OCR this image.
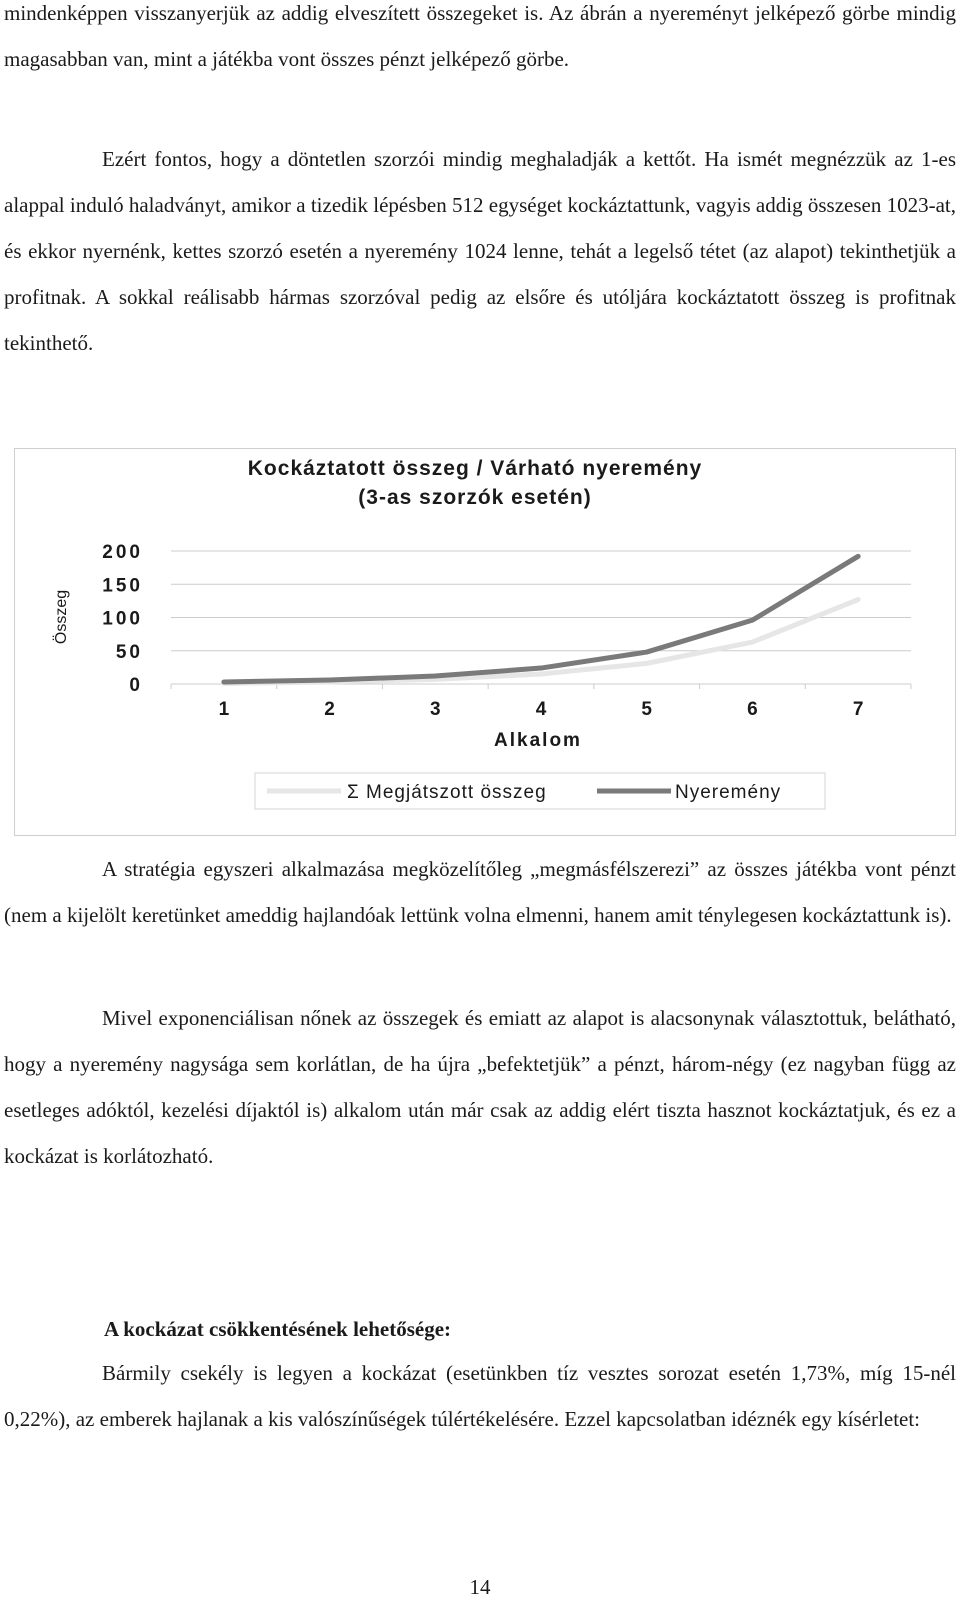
mindenképpen visszanyerjük az addig elveszített összegeket is. Az ábrán a nyereményt jelképező görbe mindig magasabban van, mint a játékba vont összes pénzt jelképező görbe.

Ezért fontos, hogy a döntetlen szorzói mindig meghaladják a kettőt. Ha ismét megnézzük az 1-es alappal induló haladványt, amikor a tizedik lépésben 512 egységet kockáztattunk, vagyis addig összesen 1023-at, és ekkor nyernénk, kettes szorzó esetén a nyeremény 1024 lenne, tehát a legelső tétet (az alapot) tekinthetjük a profitnak. A sokkal reálisabb hármas szorzóval pedig az elsőre és utóljára kockáztatott összeg is profitnak tekinthető.

Kockáztatott összeg / Várható nyeremény
(3-as szorzók esetén)
Összeg
0
50
100
150
200
1	2	3	4	5	6	7
Alkalom
Σ Megjátszott összeg	Nyeremény

A stratégia egyszeri alkalmazása megközelítőleg „megmásfélszerezi” az összes játékba vont pénzt (nem a kijelölt keretünket ameddig hajlandóak lettünk volna elmenni, hanem amit ténylegesen kockáztattunk is).

Mivel exponenciálisan nőnek az összegek és emiatt az alapot is alacsonynak választottuk, belátható, hogy a nyeremény nagysága sem korlátlan, de ha újra „befektetjük” a pénzt, három-négy (ez nagyban függ az esetleges adóktól, kezelési díjaktól is) alkalom után már csak az addig elért tiszta hasznot kockáztatjuk, és ez a kockázat is korlátozható.

A kockázat csökkentésének lehetősége:

Bármily csekély is legyen a kockázat (esetünkben tíz vesztes sorozat esetén 1,73%, míg 15-nél 0,22%), az emberek hajlanak a kis valószínűségek túlértékelésére. Ezzel kapcsolatban idéznék egy kísérletet:

14
